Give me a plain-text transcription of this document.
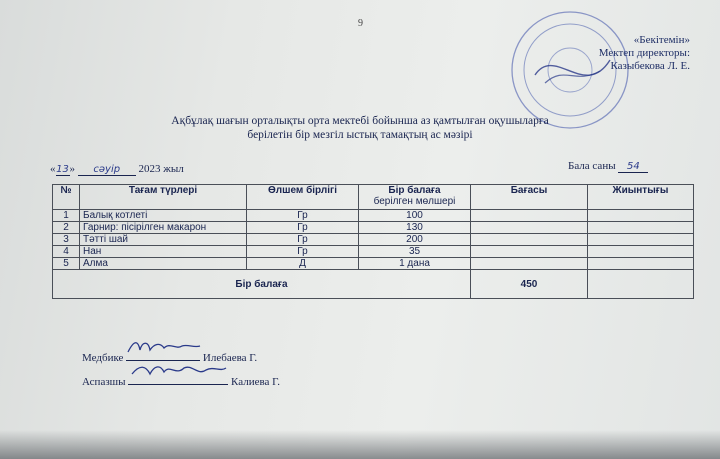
9
«Бекітемін»
Мектеп директоры:
Казыбекова Л. Е.
Ақбұлақ шағын орталықты орта мектебі бойынша аз қамтылған оқушыларға
берілетін бір мезгіл ыстық тамақтың ас мәзірі
«13» сәуір 2023 жыл	Бала саны 54
№	Тағам түрлері	Өлшем бірлігі	Бір балаға
берілген мөлшері	Бағасы	Жиынтығы
1	Балық котлеті	Гр	100		
2	Гарнир: пісірілген макарон	Гр	130		
3	Тәтті шай	Гр	200		
4	Нан	Гр	35		
5	Алма	Д	1 дана		
Бір балаға				450	
Медбике	Илебаева Г.
Аспазшы	Калиева Г.
